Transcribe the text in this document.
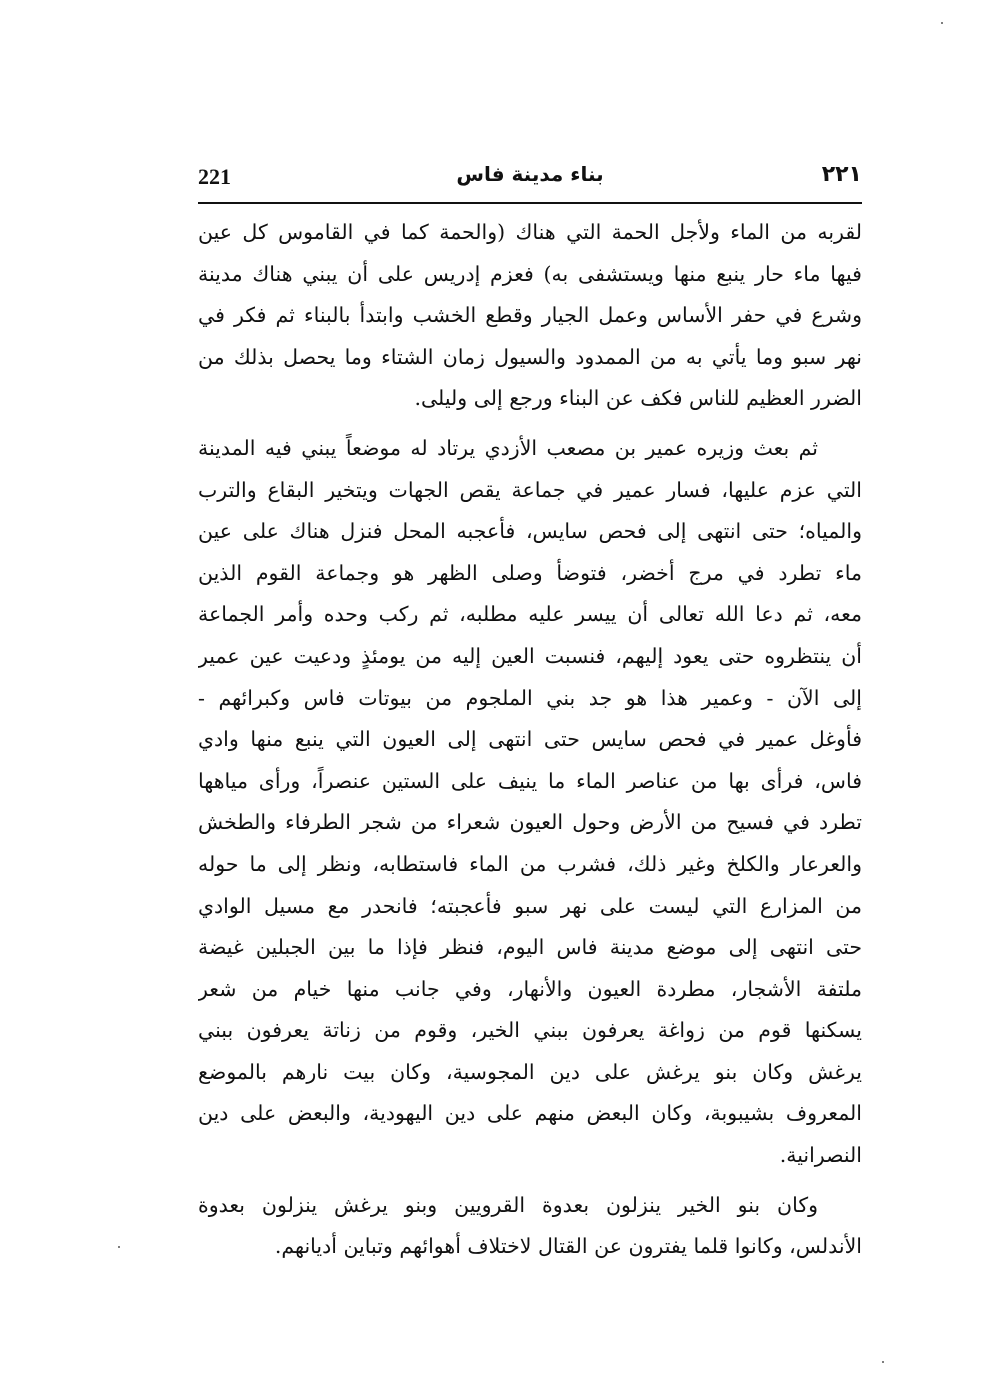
221	بناء مدينة فاس	٢٢١
لقربه من الماء ولأجل الحمة التي هناك (والحمة كما في القاموس كل عين
فيها ماء حار ينبع منها ويستشفى به) فعزم إدريس على أن يبني هناك مدينة
وشرع في حفر الأساس وعمل الجيار وقطع الخشب وابتدأ بالبناء ثم فكر في
نهر سبو وما يأتي به من الممدود والسيول زمان الشتاء وما يحصل بذلك من
الضرر العظيم للناس فكف عن البناء ورجع إلى وليلى.
ثم بعث وزيره عمير بن مصعب الأزدي يرتاد له موضعاً يبني فيه المدينة
التي عزم عليها، فسار عمير في جماعة يقص الجهات ويتخير البقاع والترب
والمياه؛ حتى انتهى إلى فحص سايس، فأعجبه المحل فنزل هناك على عين
ماء تطرد في مرج أخضر، فتوضأ وصلى الظهر هو وجماعة القوم الذين
معه، ثم دعا الله تعالى أن ييسر عليه مطلبه، ثم ركب وحده وأمر الجماعة
أن ينتظروه حتى يعود إليهم، فنسبت العين إليه من يومئذٍ ودعيت عين عمير
إلى الآن - وعمير هذا هو جد بني الملجوم من بيوتات فاس وكبرائهم -
فأوغل عمير في فحص سايس حتى انتهى إلى العيون التي ينبع منها وادي
فاس، فرأى بها من عناصر الماء ما ينيف على الستين عنصراً، ورأى مياهها
تطرد في فسيح من الأرض وحول العيون شعراء من شجر الطرفاء والطخش
والعرعار والكلخ وغير ذلك، فشرب من الماء فاستطابه، ونظر إلى ما حوله
من المزارع التي ليست على نهر سبو فأعجبته؛ فانحدر مع مسيل الوادي
حتى انتهى إلى موضع مدينة فاس اليوم، فنظر فإذا ما بين الجبلين غيضة
ملتفة الأشجار، مطردة العيون والأنهار، وفي جانب منها خيام من شعر
يسكنها قوم من زواغة يعرفون ببني الخير، وقوم من زناتة يعرفون ببني
يرغش وكان بنو يرغش على دين المجوسية، وكان بيت نارهم بالموضع
المعروف بشيبوبة، وكان البعض منهم على دين اليهودية، والبعض على دين
النصرانية.
وكان بنو الخير ينزلون بعدوة القرويين وبنو يرغش ينزلون بعدوة
الأندلس، وكانوا قلما يفترون عن القتال لاختلاف أهوائهم وتباين أديانهم.
